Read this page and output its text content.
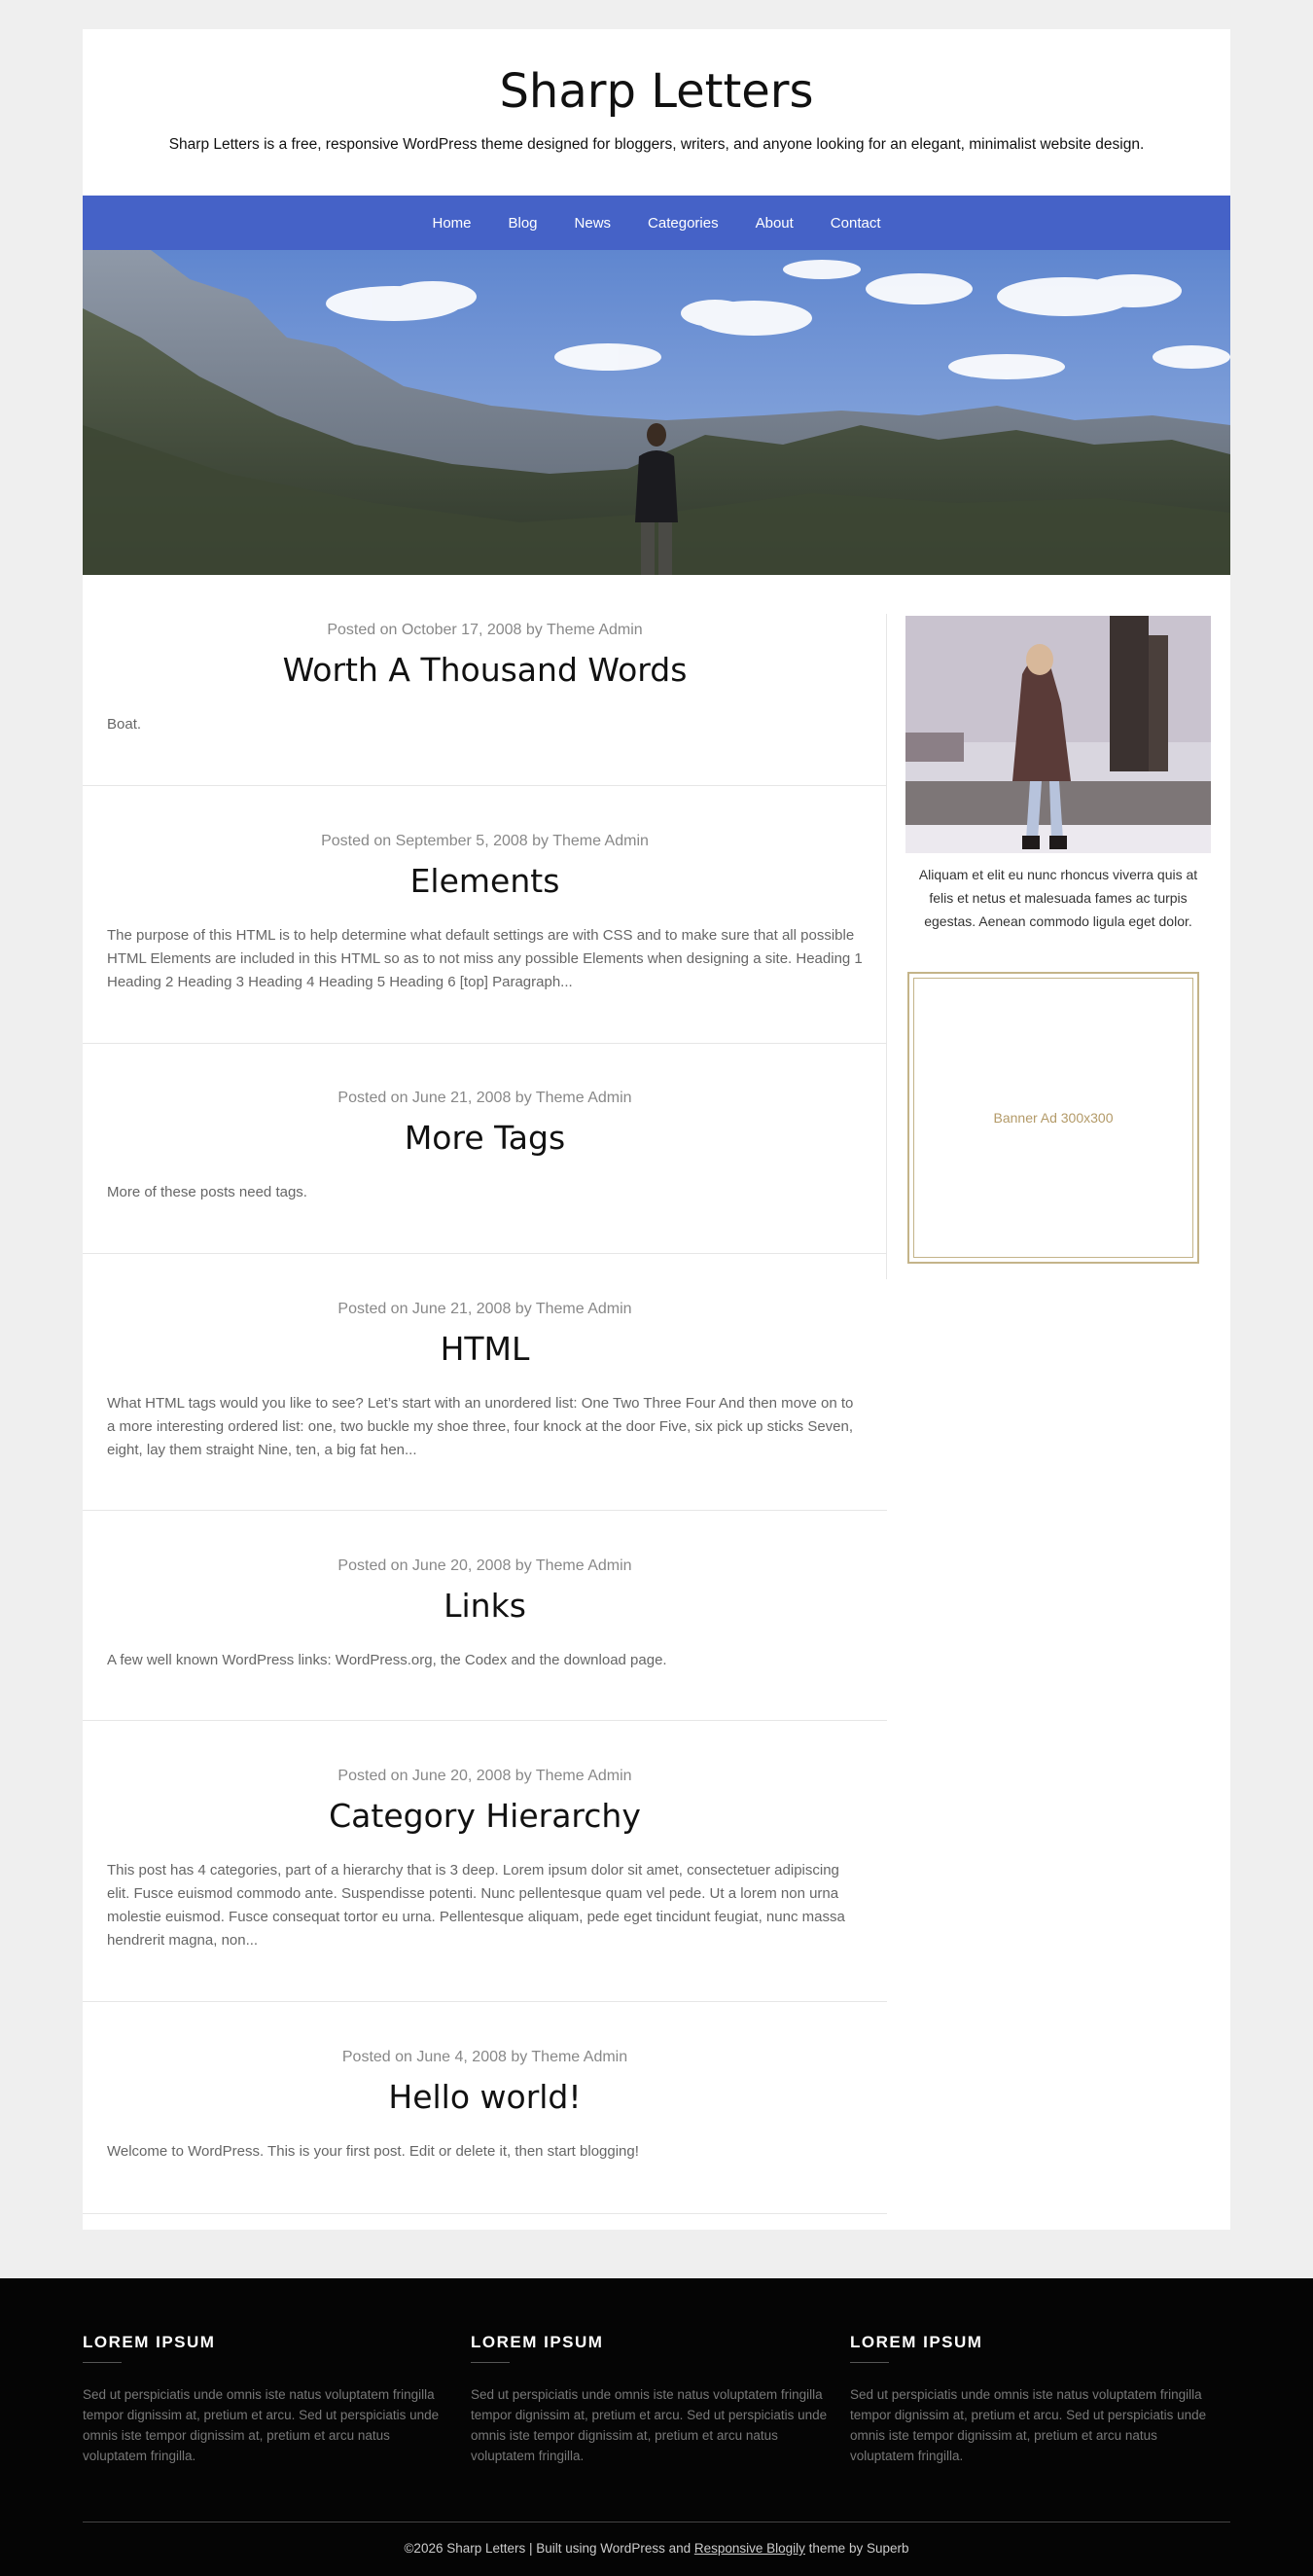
Sharp Letters

Sharp Letters is a free, responsive WordPress theme designed for bloggers, writers, and anyone looking for an elegant, minimalist website design.

Home	Blog	News	Categories	About	Contact
Posted on October 17, 2008 by Theme Admin
Worth A Thousand Words

Boat.

Posted on September 5, 2008 by Theme Admin
Elements

The purpose of this HTML is to help determine what default settings are with CSS and to make sure that all possible HTML Elements are included in this HTML so as to not miss any possible Elements when designing a site. Heading 1 Heading 2 Heading 3 Heading 4 Heading 5 Heading 6 [top] Paragraph...

Posted on June 21, 2008 by Theme Admin
More Tags

More of these posts need tags.

Posted on June 21, 2008 by Theme Admin
HTML

What HTML tags would you like to see? Let’s start with an unordered list: One Two Three Four And then move on to a more interesting ordered list: one, two buckle my shoe three, four knock at the door Five, six pick up sticks Seven, eight, lay them straight Nine, ten, a big fat hen...

Posted on June 20, 2008 by Theme Admin
Links

A few well known WordPress links: WordPress.org, the Codex and the download page.

Posted on June 20, 2008 by Theme Admin
Category Hierarchy

This post has 4 categories, part of a hierarchy that is 3 deep. Lorem ipsum dolor sit amet, consectetuer adipiscing elit. Fusce euismod commodo ante. Suspendisse potenti. Nunc pellentesque quam vel pede. Ut a lorem non urna molestie euismod. Fusce consequat tortor eu urna. Pellentesque aliquam, pede eget tincidunt feugiat, nunc massa hendrerit magna, non...

Posted on June 4, 2008 by Theme Admin
Hello world!

Welcome to WordPress. This is your first post. Edit or delete it, then start blogging!

Aliquam et elit eu nunc rhoncus viverra quis at felis et netus et malesuada fames ac turpis egestas. Aenean commodo ligula eget dolor.

Banner Ad 300x300
LOREM IPSUM

Sed ut perspiciatis unde omnis iste natus voluptatem fringilla tempor dignissim at, pretium et arcu. Sed ut perspiciatis unde omnis iste tempor dignissim at, pretium et arcu natus voluptatem fringilla.

LOREM IPSUM

Sed ut perspiciatis unde omnis iste natus voluptatem fringilla tempor dignissim at, pretium et arcu. Sed ut perspiciatis unde omnis iste tempor dignissim at, pretium et arcu natus voluptatem fringilla.

LOREM IPSUM

Sed ut perspiciatis unde omnis iste natus voluptatem fringilla tempor dignissim at, pretium et arcu. Sed ut perspiciatis unde omnis iste tempor dignissim at, pretium et arcu natus voluptatem fringilla.

©2026 Sharp Letters | Built using WordPress and Responsive Blogily theme by Superb
